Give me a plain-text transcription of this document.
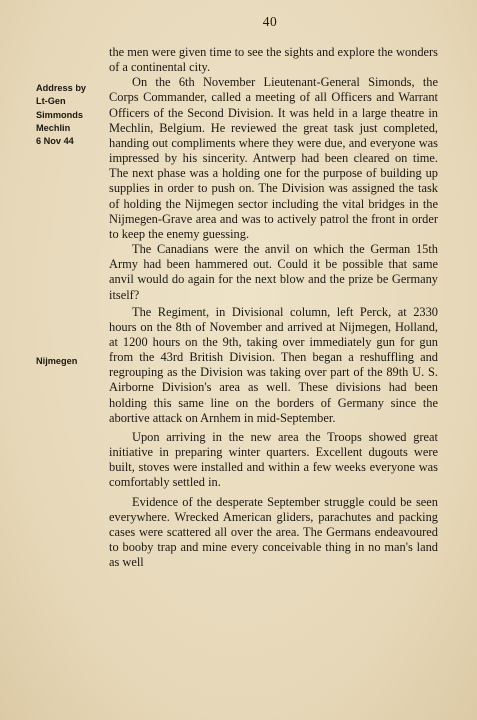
40
Address by
Lt-Gen
Simmonds
Mechlin
6 Nov 44
Nijmegen

the men were given time to see the sights and explore the wonders of a continental city.

On the 6th November Lieutenant-General Simonds, the Corps Commander, called a meeting of all Officers and Warrant Officers of the Second Division. It was held in a large theatre in Mechlin, Belgium. He reviewed the great task just completed, handing out compliments where they were due, and everyone was impressed by his sincerity. Antwerp had been cleared on time. The next phase was a holding one for the purpose of building up supplies in order to push on. The Division was assigned the task of holding the Nijmegen sector including the vital bridges in the Nijmegen-Grave area and was to actively patrol the front in order to keep the enemy guessing.

The Canadians were the anvil on which the German 15th Army had been hammered out. Could it be possible that same anvil would do again for the next blow and the prize be Germany itself?

The Regiment, in Divisional column, left Perck, at 2330 hours on the 8th of November and arrived at Nijmegen, Holland, at 1200 hours on the 9th, taking over immediately gun for gun from the 43rd British Division. Then began a reshuffling and regrouping as the Division was taking over part of the 89th U. S. Airborne Division's area as well. These divisions had been holding this same line on the borders of Germany since the abortive attack on Arnhem in mid-September.

Upon arriving in the new area the Troops showed great initiative in preparing winter quarters. Excellent dugouts were built, stoves were installed and within a few weeks everyone was comfortably settled in.

Evidence of the desperate September struggle could be seen everywhere. Wrecked American gliders, parachutes and packing cases were scattered all over the area. The Germans endeavoured to booby trap and mine every conceivable thing in no man's land as well
